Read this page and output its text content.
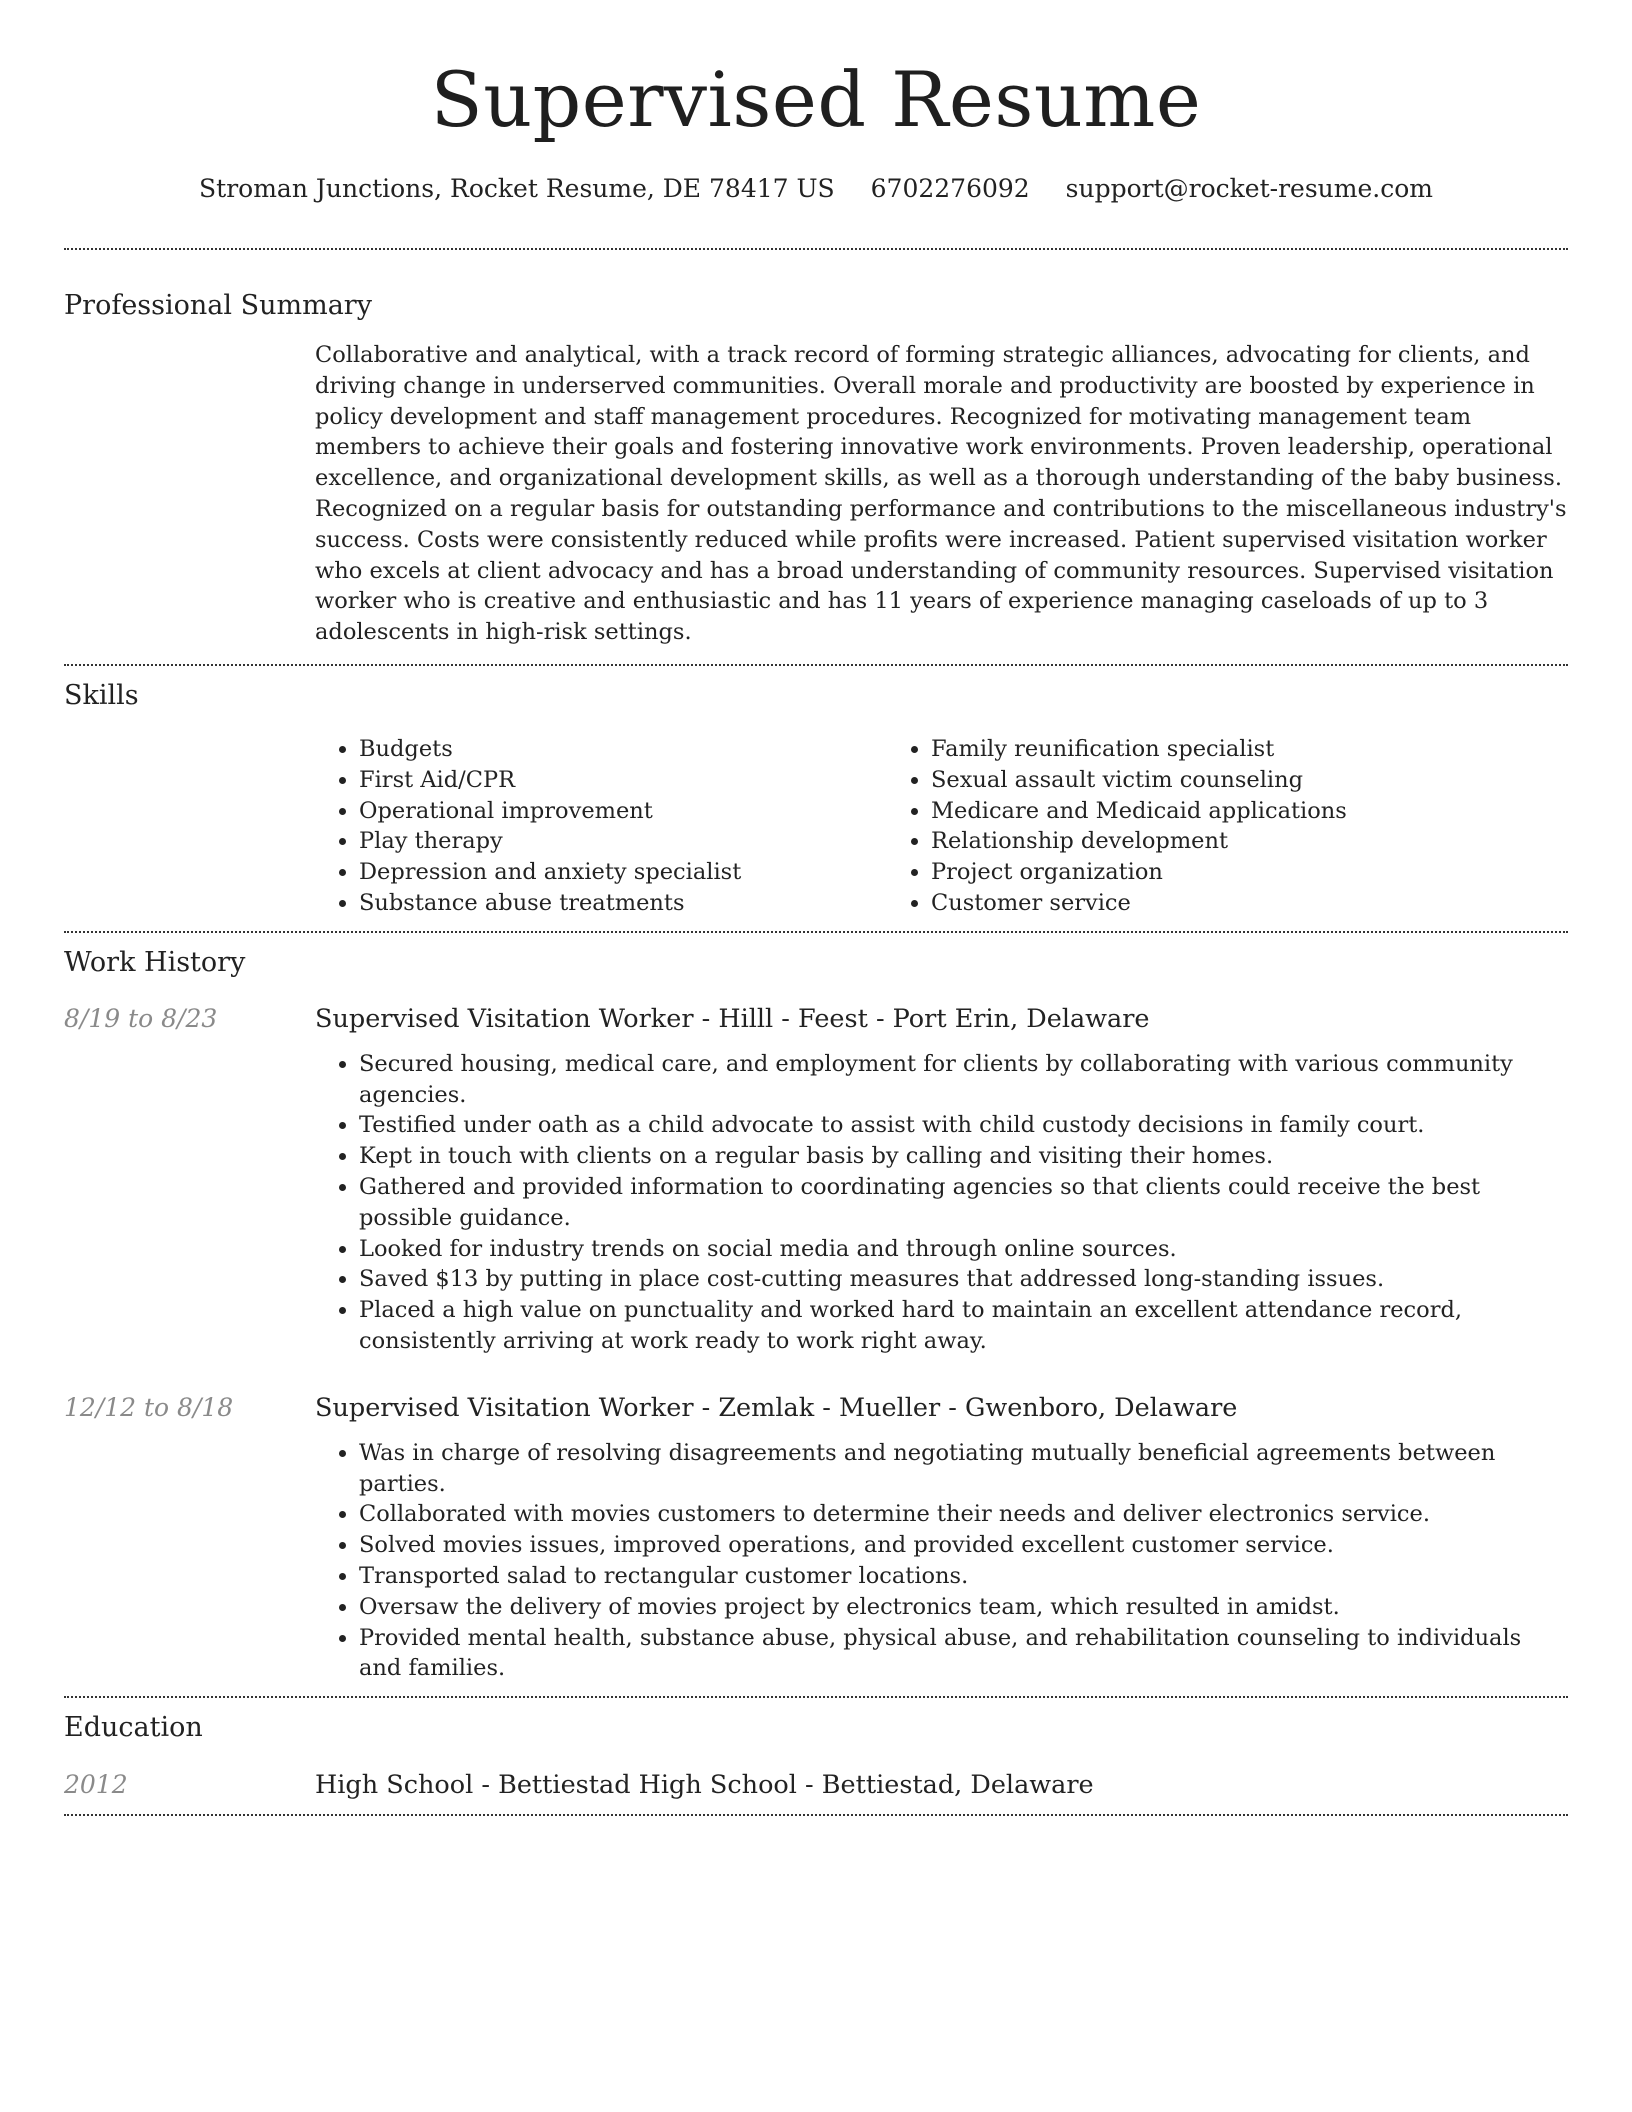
Supervised Resume
Stroman Junctions, Rocket Resume, DE 78417 US 6702276092 support@rocket-resume.com
Professional Summary

Collaborative and analytical, with a track record of forming strategic alliances, advocating for clients, and driving change in underserved communities. Overall morale and productivity are boosted by experience in policy development and staff management procedures. Recognized for motivating management team members to achieve their goals and fostering innovative work environments. Proven leadership, operational excellence, and organizational development skills, as well as a thorough understanding of the baby business. Recognized on a regular basis for outstanding performance and contributions to the miscellaneous industry's success. Costs were consistently reduced while profits were increased. Patient supervised visitation worker who excels at client advocacy and has a broad understanding of community resources. Supervised visitation worker who is creative and enthusiastic and has 11 years of experience managing caseloads of up to 3 adolescents in high-risk settings.

Skills
• Budgets
• First Aid/CPR
• Operational improvement
• Play therapy
• Depression and anxiety specialist
• Substance abuse treatments
• Family reunification specialist
• Sexual assault victim counseling
• Medicare and Medicaid applications
• Relationship development
• Project organization
• Customer service
Work History
8/19 to 8/23	Supervised Visitation Worker - Hilll - Feest - Port Erin, Delaware
• Secured housing, medical care, and employment for clients by collaborating with various community agencies.
• Testified under oath as a child advocate to assist with child custody decisions in family court.
• Kept in touch with clients on a regular basis by calling and visiting their homes.
• Gathered and provided information to coordinating agencies so that clients could receive the best possible guidance.
• Looked for industry trends on social media and through online sources.
• Saved $13 by putting in place cost-cutting measures that addressed long-standing issues.
• Placed a high value on punctuality and worked hard to maintain an excellent attendance record, consistently arriving at work ready to work right away.
12/12 to 8/18	Supervised Visitation Worker - Zemlak - Mueller - Gwenboro, Delaware
• Was in charge of resolving disagreements and negotiating mutually beneficial agreements between parties.
• Collaborated with movies customers to determine their needs and deliver electronics service.
• Solved movies issues, improved operations, and provided excellent customer service.
• Transported salad to rectangular customer locations.
• Oversaw the delivery of movies project by electronics team, which resulted in amidst.
• Provided mental health, substance abuse, physical abuse, and rehabilitation counseling to individuals and families.
Education
2012	High School - Bettiestad High School - Bettiestad, Delaware
